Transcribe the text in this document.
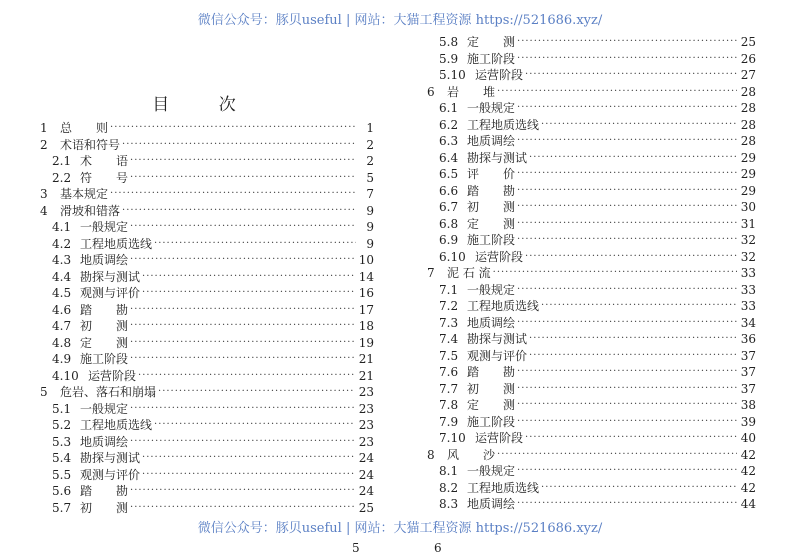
微信公众号：豚贝useful | 网站：大猫工程资源 https://521686.xyz/
目 次
1	总　　则 ·····	1
2	术语和符号 ·····	2
2.1 术　　语 ·····	2
2.2 符　　号 ·····	5
3	基本规定 ·····	7
4	滑坡和错落 ·····	9
4.1 一般规定 ·····	9
4.2 工程地质选线 ·····	9
4.3 地质调绘 ·····	10
4.4 勘探与测试 ·····	14
4.5 观测与评价 ·····	16
4.6 踏　　勘 ·····	17
4.7 初　　测 ·····	18
4.8 定　　测 ·····	19
4.9 施工阶段 ·····	21
4.10 运营阶段 ·····	21
5	危岩、落石和崩塌 ·····	23
5.1 一般规定 ·····	23
5.2 工程地质选线 ·····	23
5.3 地质调绘 ·····	23
5.4 勘探与测试 ·····	24
5.5 观测与评价 ·····	24
5.6 踏　　勘 ·····	24
5.7 初　　测 ·····	25
5.8 定　　测 ·····	25
5.9 施工阶段 ·····	26
5.10 运营阶段 ·····	27
6	岩　　堆 ·····	28
6.1 一般规定 ·····	28
6.2 工程地质选线 ·····	28
6.3 地质调绘 ·····	28
6.4 勘探与测试 ·····	29
6.5 评　　价 ·····	29
6.6 踏　　勘 ·····	29
6.7 初　　测 ·····	30
6.8 定　　测 ·····	31
6.9 施工阶段 ·····	32
6.10 运营阶段 ·····	32
7	泥 石 流 ·····	33
7.1 一般规定 ·····	33
7.2 工程地质选线 ·····	33
7.3 地质调绘 ·····	34
7.4 勘探与测试 ·····	36
7.5 观测与评价 ·····	37
7.6 踏　　勘 ·····	37
7.7 初　　测 ·····	37
7.8 定　　测 ·····	38
7.9 施工阶段 ·····	39
7.10 运营阶段 ·····	40
8	风　　沙 ·····	42
8.1 一般规定 ·····	42
8.2 工程地质选线 ·····	42
8.3 地质调绘 ·····	44
微信公众号：豚贝useful | 网站：大猫工程资源 https://521686.xyz/
5	6
